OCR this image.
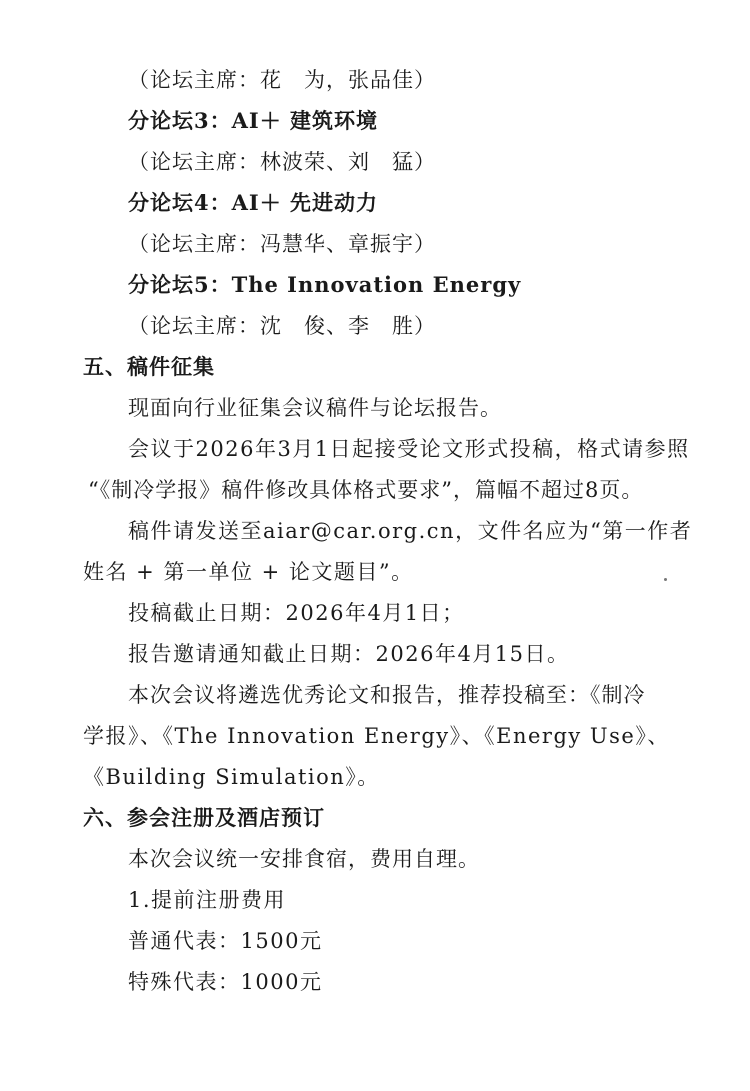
（论坛主席：花　为，张品佳）
分论坛3：AI＋ 建筑环境
（论坛主席：林波荣、刘　猛）
分论坛4：AI＋ 先进动力
（论坛主席：冯慧华、章振宇）
分论坛5：The Innovation Energy
（论坛主席：沈　俊、李　胜）
五、稿件征集
现面向行业征集会议稿件与论坛报告。
会议于2026年3月1日起接受论文形式投稿，格式请参照
“《制冷学报》稿件修改具体格式要求”，篇幅不超过8页。
稿件请发送至aiar@car.org.cn，文件名应为“第一作者
姓名 + 第一单位 + 论文题目”。
投稿截止日期：2026年4月1日；
报告邀请通知截止日期：2026年4月15日。
本次会议将遴选优秀论文和报告，推荐投稿至：《制冷
学报》、《The Innovation Energy》、《Energy Use》、
《Building Simulation》。
六、参会注册及酒店预订
本次会议统一安排食宿，费用自理。
1.提前注册费用
普通代表：1500元
特殊代表：1000元
